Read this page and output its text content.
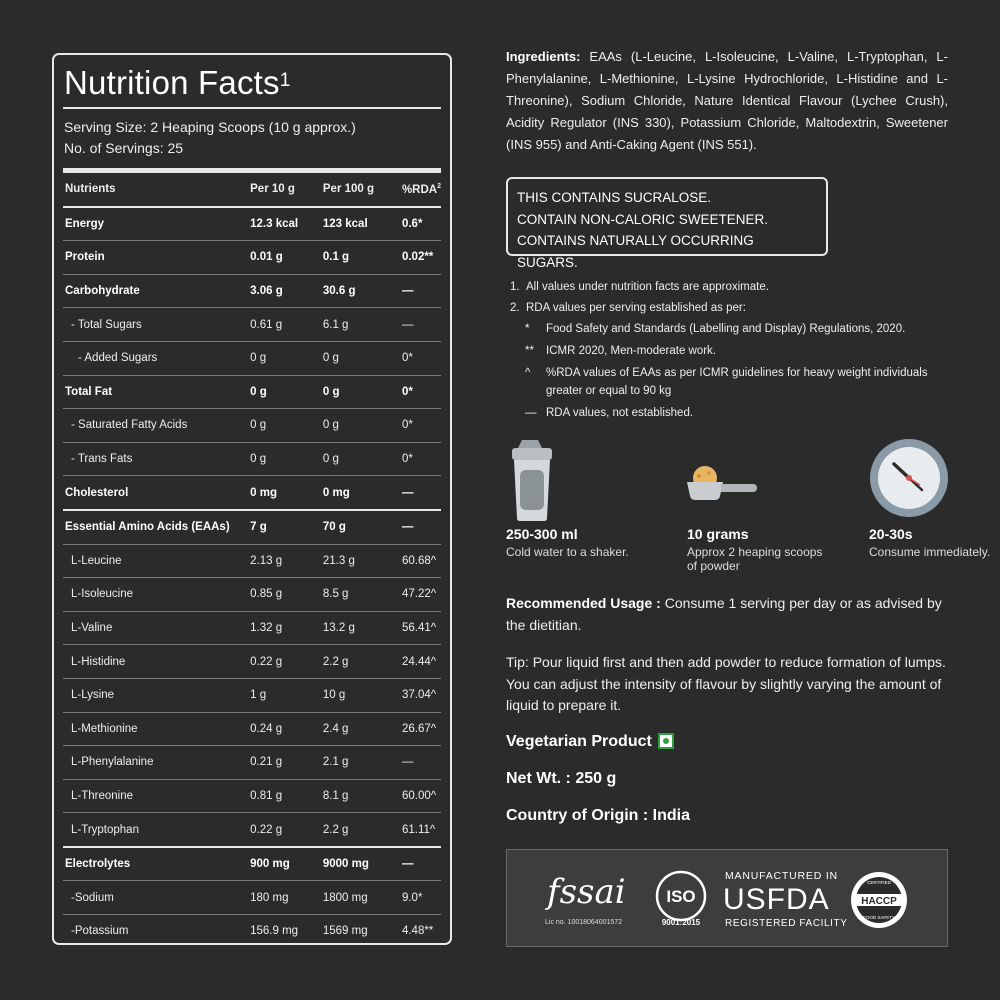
Nutrition Facts$^1$
Serving Size: 2 Heaping Scoops (10 g approx.)
No. of Servings: 25
Nutrients	Per 10 g	Per 100 g	%RDA$^2$
Energy	12.3 kcal	123 kcal	0.6*
Protein	0.01 g	0.1 g	0.02**
Carbohydrate	3.06 g	30.6 g	—
- Total Sugars	0.61 g	6.1 g	—
- Added Sugars	0 g	0 g	0*
Total Fat	0 g	0 g	0*
- Saturated Fatty Acids	0 g	0 g	0*
- Trans Fats	0 g	0 g	0*
Cholesterol	0 mg	0 mg	—
Essential Amino Acids (EAAs)	7 g	70 g	—
L-Leucine	2.13 g	21.3 g	60.68^
L-Isoleucine	0.85 g	8.5 g	47.22^
L-Valine	1.32 g	13.2 g	56.41^
L-Histidine	0.22 g	2.2 g	24.44^
L-Lysine	1 g	10 g	37.04^
L-Methionine	0.24 g	2.4 g	26.67^
L-Phenylalanine	0.21 g	2.1 g	—
L-Threonine	0.81 g	8.1 g	60.00^
L-Tryptophan	0.22 g	2.2 g	61.11^
Electrolytes	900 mg	9000 mg	—
-Sodium	180 mg	1800 mg	9.0*
-Potassium	156.9 mg	1569 mg	4.48**
Ingredients: EAAs (L-Leucine, L-Isoleucine, L-Valine, L-Tryptophan, L-Phenylalanine, L-Methionine, L-Lysine Hydrochloride, L-Histidine and L-Threonine), Sodium Chloride, Nature Identical Flavour (Lychee Crush), Acidity Regulator (INS 330), Potassium Chloride, Maltodextrin, Sweetener (INS 955) and Anti-Caking Agent (INS 551).
THIS CONTAINS SUCRALOSE.
CONTAIN NON-CALORIC SWEETENER.
CONTAINS NATURALLY OCCURRING SUGARS.
1. All values under nutrition facts are approximate.
2. RDA values per serving established as per:
* Food Safety and Standards (Labelling and Display) Regulations, 2020.
** ICMR 2020, Men-moderate work.
^ %RDA values of EAAs as per ICMR guidelines for heavy weight individuals greater or equal to 90 kg
— RDA values, not established.
250-300 ml
Cold water to a shaker.
10 grams
Approx 2 heaping scoops of powder
20-30s
Consume immediately.
Recommended Usage : Consume 1 serving per day or as advised by the dietitian.
Tip: Pour liquid first and then add powder to reduce formation of lumps. You can adjust the intensity of flavour by slightly varying the amount of liquid to prepare it.
Vegetarian Product
Net Wt. : 250 g
Country of Origin : India
fssai
Lic no. 10018064001572
ISO
9001:2015
MANUFACTURED IN
USFDA
REGISTERED FACILITY
HACCP
CERTIFIED
FOOD SAFETY
